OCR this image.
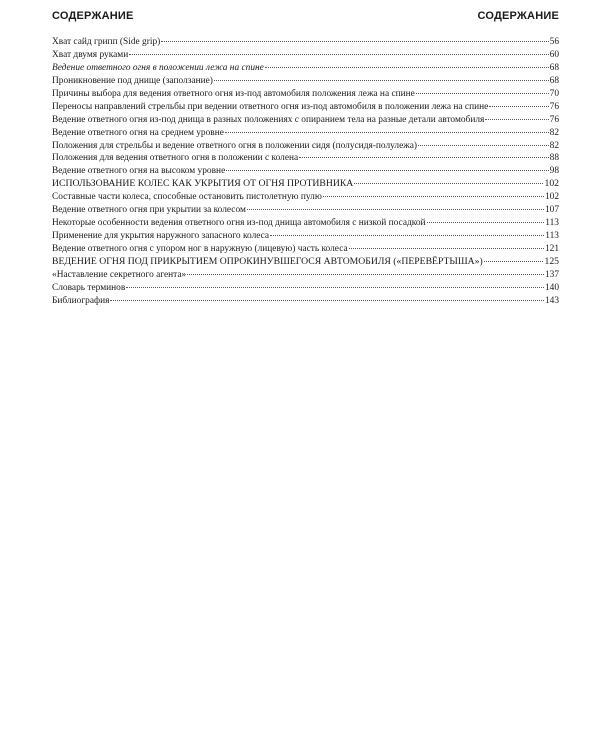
СОДЕРЖАНИЕ	СОДЕРЖАНИЕ
Хват сайд грипп (Side grip)	56
Хват двумя руками	60
Ведение ответного огня в положении лежа на спине	68
Проникновение под днище (заползание)	68
Причины выбора для ведения ответного огня из-под автомобиля положения лежа на спине	70
Переносы направлений стрельбы при ведении ответного огня из-под автомобиля в положении лежа на спине	76
Ведение ответного огня из-под днища в разных положениях с опиранием тела на разные детали автомобиля	76
Ведение ответного огня на среднем уровне	82
Положения для стрельбы и ведение ответного огня в положении сидя (полусидя-полулежа)	82
Положения для ведения ответного огня в положении с колена	88
Ведение ответного огня на высоком уровне	98
ИСПОЛЬЗОВАНИЕ КОЛЕС КАК УКРЫТИЯ ОТ ОГНЯ ПРОТИВНИКА	102
Составные части колеса, способные остановить пистолетную пулю	102
Ведение ответного огня при укрытии за колесом	107
Некоторые особенности ведения ответного огня из-под днища автомобиля с низкой посадкой	113
Применение для укрытия наружного запасного колеса	113
Ведение ответного огня с упором ног в наружную (лицевую) часть колеса	121
ВЕДЕНИЕ ОГНЯ ПОД ПРИКРЫТИЕМ ОПРОКИНУВШЕГОСЯ АВТОМОБИЛЯ («ПЕРЕВЁРТЫША»)	125
«Наставление секретного агента»	137
Словарь терминов	140
Библиография	143
